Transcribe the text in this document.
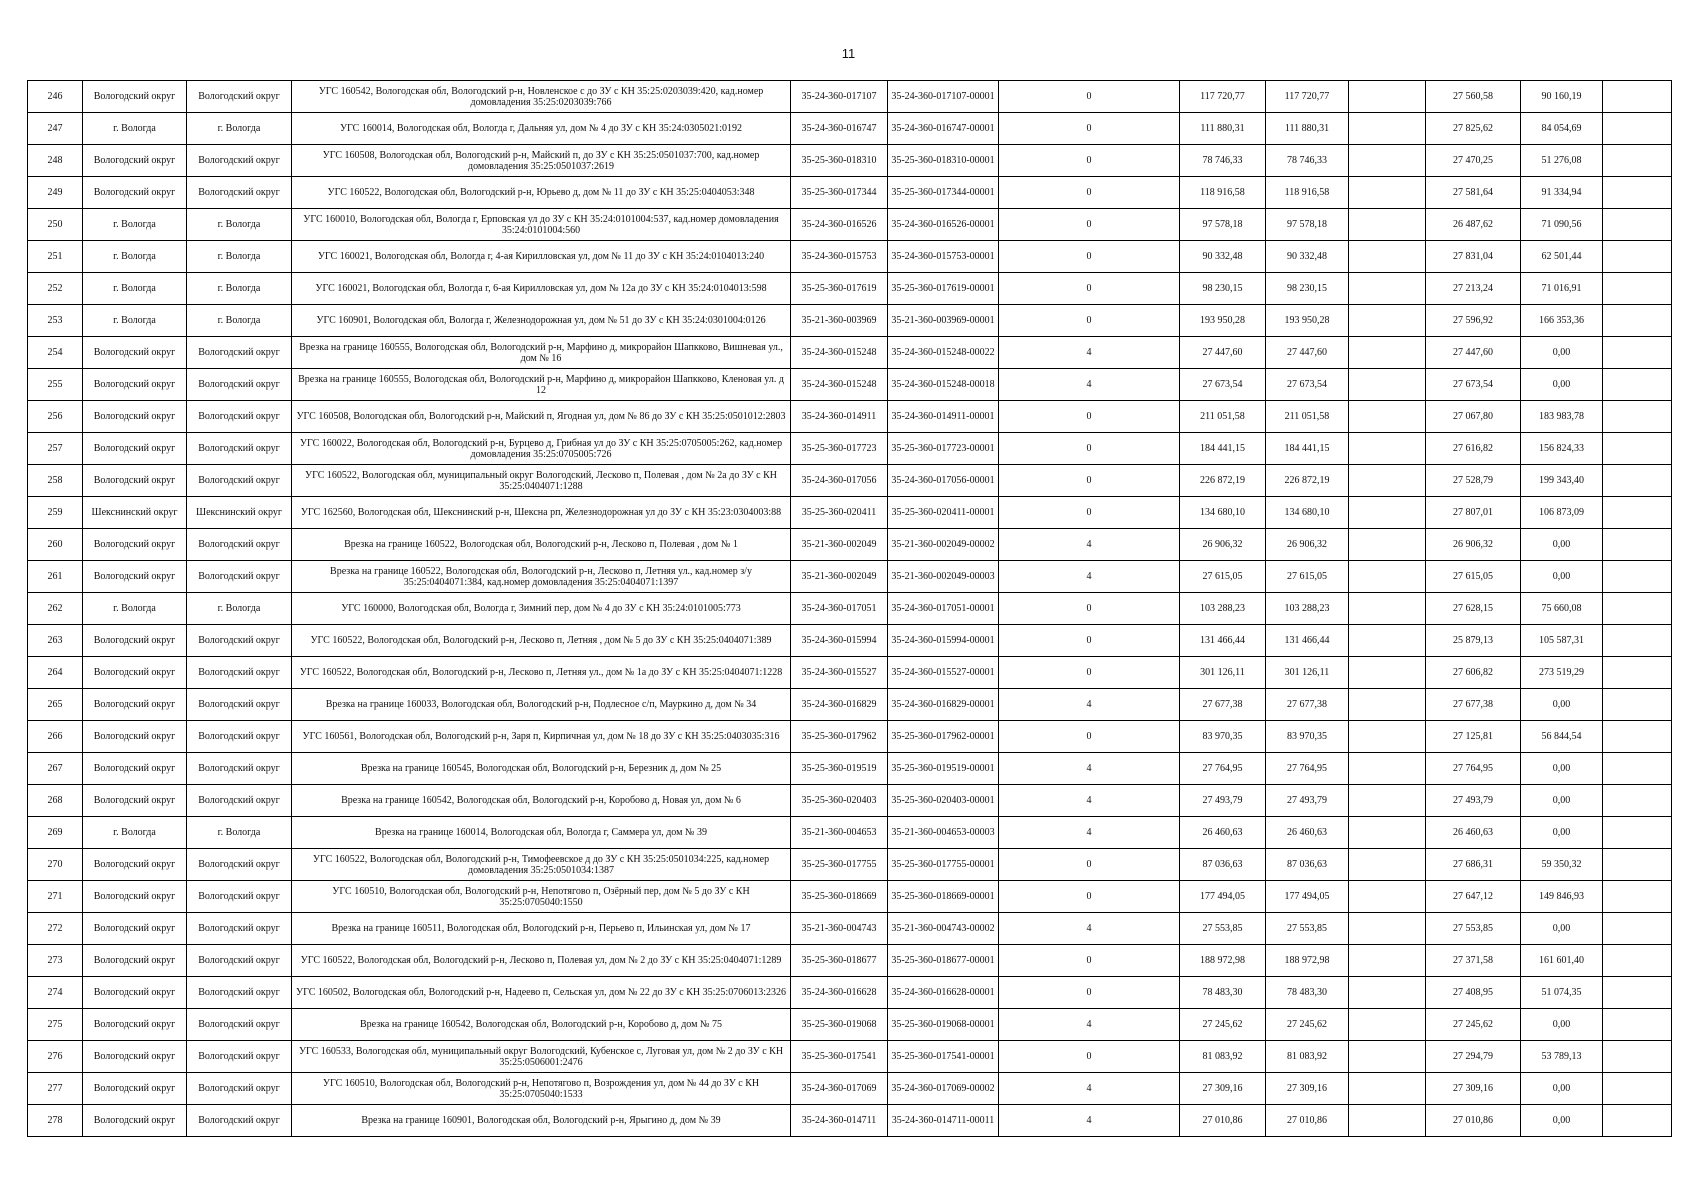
11
246	Вологодский округ	Вологодский округ	УГС 160542, Вологодская обл, Вологодский р-н, Новленское с до ЗУ с КН 35:25:0203039:420, кад.номер домовладения 35:25:0203039:766	35-24-360-017107	35-24-360-017107-00001	0	117 720,77	117 720,77		27 560,58	90 160,19	
247	г. Вологда	г. Вологда	УГС 160014, Вологодская обл, Вологда г, Дальняя ул, дом № 4 до ЗУ с КН 35:24:0305021:0192	35-24-360-016747	35-24-360-016747-00001	0	111 880,31	111 880,31		27 825,62	84 054,69	
248	Вологодский округ	Вологодский округ	УГС 160508, Вологодская обл, Вологодский р-н, Майский п, до ЗУ с КН 35:25:0501037:700, кад.номер домовладения 35:25:0501037:2619	35-25-360-018310	35-25-360-018310-00001	0	78 746,33	78 746,33		27 470,25	51 276,08	
249	Вологодский округ	Вологодский округ	УГС 160522, Вологодская обл, Вологодский р-н, Юрьево д, дом № 11 до ЗУ с КН 35:25:0404053:348	35-25-360-017344	35-25-360-017344-00001	0	118 916,58	118 916,58		27 581,64	91 334,94	
250	г. Вологда	г. Вологда	УГС 160010, Вологодская обл, Вологда г, Ерповская ул до ЗУ с КН 35:24:0101004:537, кад.номер домовладения 35:24:0101004:560	35-24-360-016526	35-24-360-016526-00001	0	97 578,18	97 578,18		26 487,62	71 090,56	
251	г. Вологда	г. Вологда	УГС 160021, Вологодская обл, Вологда г, 4-ая Кирилловская ул, дом № 11 до ЗУ с КН 35:24:0104013:240	35-24-360-015753	35-24-360-015753-00001	0	90 332,48	90 332,48		27 831,04	62 501,44	
252	г. Вологда	г. Вологда	УГС 160021, Вологодская обл, Вологда г, 6-ая Кирилловская ул, дом № 12а до ЗУ с КН 35:24:0104013:598	35-25-360-017619	35-25-360-017619-00001	0	98 230,15	98 230,15		27 213,24	71 016,91	
253	г. Вологда	г. Вологда	УГС 160901, Вологодская обл, Вологда г, Железнодорожная ул, дом № 51 до ЗУ с КН 35:24:0301004:0126	35-21-360-003969	35-21-360-003969-00001	0	193 950,28	193 950,28		27 596,92	166 353,36	
254	Вологодский округ	Вологодский округ	Врезка на границе 160555, Вологодская обл, Вологодский р-н, Марфино д, микрорайон Шапкково, Вишневая ул., дом № 16	35-24-360-015248	35-24-360-015248-00022	4	27 447,60	27 447,60		27 447,60	0,00	
255	Вологодский округ	Вологодский округ	Врезка на границе 160555, Вологодская обл, Вологодский р-н, Марфино д, микрорайон Шапкково, Кленовая ул. д 12	35-24-360-015248	35-24-360-015248-00018	4	27 673,54	27 673,54		27 673,54	0,00	
256	Вологодский округ	Вологодский округ	УГС 160508, Вологодская обл, Вологодский р-н, Майский п, Ягодная ул, дом № 86 до ЗУ с КН 35:25:0501012:2803	35-24-360-014911	35-24-360-014911-00001	0	211 051,58	211 051,58		27 067,80	183 983,78	
257	Вологодский округ	Вологодский округ	УГС 160022, Вологодская обл, Вологодский р-н, Бурцево д, Грибная ул до ЗУ с КН 35:25:0705005:262, кад.номер домовладения 35:25:0705005:726	35-25-360-017723	35-25-360-017723-00001	0	184 441,15	184 441,15		27 616,82	156 824,33	
258	Вологодский округ	Вологодский округ	УГС 160522, Вологодская обл, муниципальный округ Вологодский, Лесково п, Полевая , дом № 2а до ЗУ с КН 35:25:0404071:1288	35-24-360-017056	35-24-360-017056-00001	0	226 872,19	226 872,19		27 528,79	199 343,40	
259	Шекснинский округ	Шекснинский округ	УГС 162560, Вологодская обл, Шекснинский р-н, Шексна рп, Железнодорожная ул до ЗУ с КН 35:23:0304003:88	35-25-360-020411	35-25-360-020411-00001	0	134 680,10	134 680,10		27 807,01	106 873,09	
260	Вологодский округ	Вологодский округ	Врезка на границе 160522, Вологодская обл, Вологодский р-н, Лесково п, Полевая , дом № 1	35-21-360-002049	35-21-360-002049-00002	4	26 906,32	26 906,32		26 906,32	0,00	
261	Вологодский округ	Вологодский округ	Врезка на границе 160522, Вологодская обл, Вологодский р-н, Лесково п, Летняя ул., кад.номер з/у 35:25:0404071:384, кад.номер домовладения 35:25:0404071:1397	35-21-360-002049	35-21-360-002049-00003	4	27 615,05	27 615,05		27 615,05	0,00	
262	г. Вологда	г. Вологда	УГС 160000, Вологодская обл, Вологда г, Зимний пер, дом № 4 до ЗУ с КН 35:24:0101005:773	35-24-360-017051	35-24-360-017051-00001	0	103 288,23	103 288,23		27 628,15	75 660,08	
263	Вологодский округ	Вологодский округ	УГС 160522, Вологодская обл, Вологодский р-н, Лесково п, Летняя , дом № 5 до ЗУ с КН 35:25:0404071:389	35-24-360-015994	35-24-360-015994-00001	0	131 466,44	131 466,44		25 879,13	105 587,31	
264	Вологодский округ	Вологодский округ	УГС 160522, Вологодская обл, Вологодский р-н, Лесково п, Летняя ул., дом № 1а до ЗУ с КН 35:25:0404071:1228	35-24-360-015527	35-24-360-015527-00001	0	301 126,11	301 126,11		27 606,82	273 519,29	
265	Вологодский округ	Вологодский округ	Врезка на границе 160033, Вологодская обл, Вологодский р-н, Подлесное с/п, Мауркино д, дом № 34	35-24-360-016829	35-24-360-016829-00001	4	27 677,38	27 677,38		27 677,38	0,00	
266	Вологодский округ	Вологодский округ	УГС 160561, Вологодская обл, Вологодский р-н, Заря п, Кирпичная ул, дом № 18 до ЗУ с КН 35:25:0403035:316	35-25-360-017962	35-25-360-017962-00001	0	83 970,35	83 970,35		27 125,81	56 844,54	
267	Вологодский округ	Вологодский округ	Врезка на границе 160545, Вологодская обл, Вологодский р-н, Березник д, дом № 25	35-25-360-019519	35-25-360-019519-00001	4	27 764,95	27 764,95		27 764,95	0,00	
268	Вологодский округ	Вологодский округ	Врезка на границе 160542, Вологодская обл, Вологодский р-н, Коробово д, Новая ул, дом № 6	35-25-360-020403	35-25-360-020403-00001	4	27 493,79	27 493,79		27 493,79	0,00	
269	г. Вологда	г. Вологда	Врезка на границе 160014, Вологодская обл, Вологда г, Саммера ул, дом № 39	35-21-360-004653	35-21-360-004653-00003	4	26 460,63	26 460,63		26 460,63	0,00	
270	Вологодский округ	Вологодский округ	УГС 160522, Вологодская обл, Вологодский р-н, Тимофеевское д до ЗУ с КН 35:25:0501034:225, кад.номер домовладения 35:25:0501034:1387	35-25-360-017755	35-25-360-017755-00001	0	87 036,63	87 036,63		27 686,31	59 350,32	
271	Вологодский округ	Вологодский округ	УГС 160510, Вологодская обл, Вологодский р-н, Непотягово п, Озёрный пер, дом № 5 до ЗУ с КН 35:25:0705040:1550	35-25-360-018669	35-25-360-018669-00001	0	177 494,05	177 494,05		27 647,12	149 846,93	
272	Вологодский округ	Вологодский округ	Врезка на границе 160511, Вологодская обл, Вологодский р-н, Перьево п, Ильинская ул, дом № 17	35-21-360-004743	35-21-360-004743-00002	4	27 553,85	27 553,85		27 553,85	0,00	
273	Вологодский округ	Вологодский округ	УГС 160522, Вологодская обл, Вологодский р-н, Лесково п, Полевая ул, дом № 2 до ЗУ с КН 35:25:0404071:1289	35-25-360-018677	35-25-360-018677-00001	0	188 972,98	188 972,98		27 371,58	161 601,40	
274	Вологодский округ	Вологодский округ	УГС 160502, Вологодская обл, Вологодский р-н, Надеево п, Сельская ул, дом № 22 до ЗУ с КН 35:25:0706013:2326	35-24-360-016628	35-24-360-016628-00001	0	78 483,30	78 483,30		27 408,95	51 074,35	
275	Вологодский округ	Вологодский округ	Врезка на границе 160542, Вологодская обл, Вологодский р-н, Коробово д, дом № 75	35-25-360-019068	35-25-360-019068-00001	4	27 245,62	27 245,62		27 245,62	0,00	
276	Вологодский округ	Вологодский округ	УГС 160533, Вологодская обл, муниципальный округ Вологодский, Кубенское с, Луговая ул, дом № 2 до ЗУ с КН 35:25:0506001:2476	35-25-360-017541	35-25-360-017541-00001	0	81 083,92	81 083,92		27 294,79	53 789,13	
277	Вологодский округ	Вологодский округ	УГС 160510, Вологодская обл, Вологодский р-н, Непотягово п, Возрождения ул, дом № 44 до ЗУ с КН 35:25:0705040:1533	35-24-360-017069	35-24-360-017069-00002	4	27 309,16	27 309,16		27 309,16	0,00	
278	Вологодский округ	Вологодский округ	Врезка на границе 160901, Вологодская обл, Вологодский р-н, Ярыгино д, дом № 39	35-24-360-014711	35-24-360-014711-00011	4	27 010,86	27 010,86		27 010,86	0,00	
